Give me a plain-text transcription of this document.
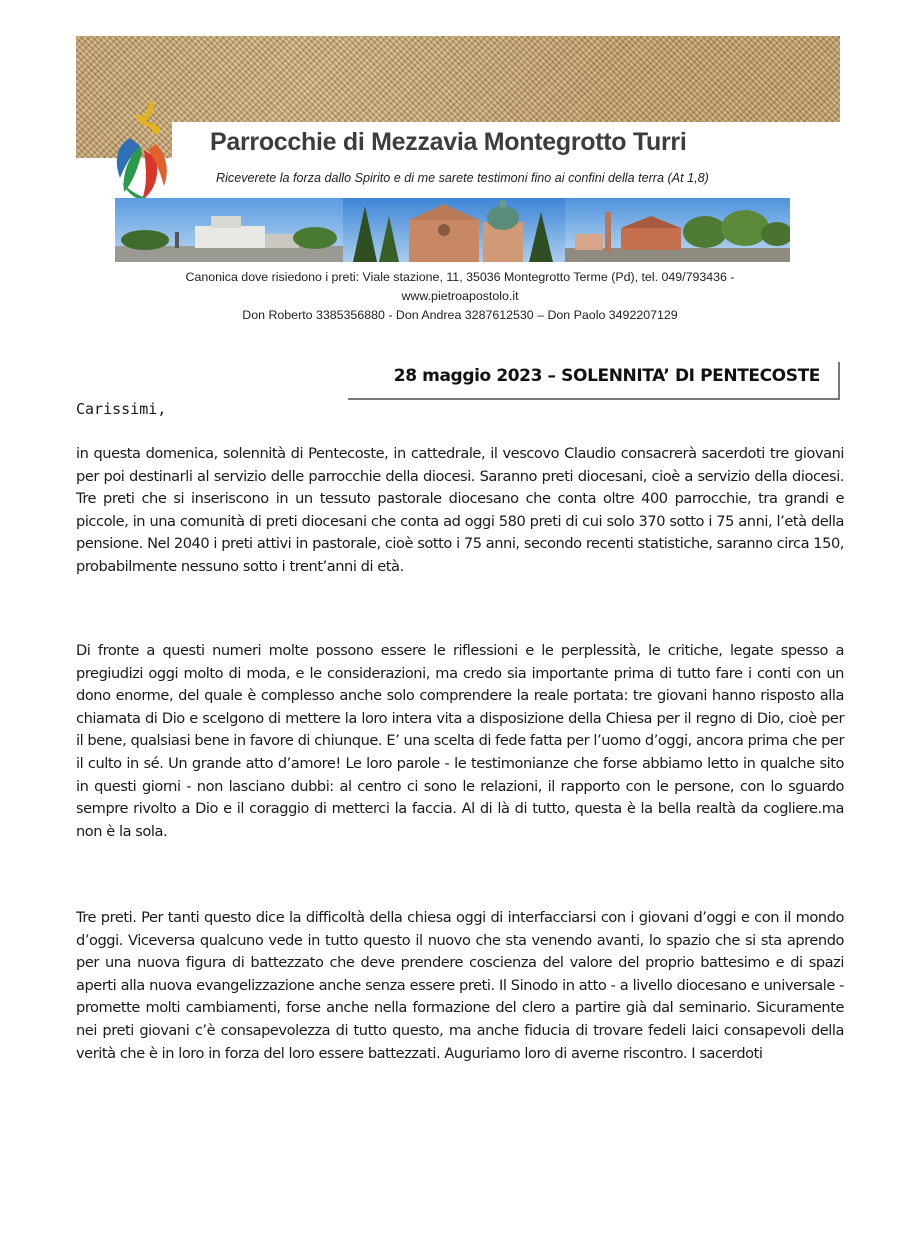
Parrocchie di Mezzavia Montegrotto Turri
Riceverete la forza dallo Spirito e di me sarete testimoni fino ai confini della terra (At 1,8)
Canonica dove risiedono i preti: Viale stazione, 11, 35036 Montegrotto Terme (Pd), tel. 049/793436 -
www.pietroapostolo.it
Don Roberto 3385356880 - Don Andrea 3287612530 – Don Paolo 3492207129
28 maggio 2023 – SOLENNITA’ DI PENTECOSTE
Carissimi,

in questa domenica, solennità di Pentecoste, in cattedrale, il vescovo Claudio consacrerà sacerdoti tre giovani per poi destinarli al servizio delle parrocchie della diocesi. Saranno preti diocesani, cioè a servizio della diocesi. Tre preti che si inseriscono in un tessuto pastorale diocesano che conta oltre 400 parrocchie, tra grandi e piccole, in una comunità di preti diocesani che conta ad oggi 580 preti di cui solo 370 sotto i 75 anni, l’età della pensione. Nel 2040 i preti attivi in pastorale, cioè sotto i 75 anni, secondo recenti statistiche, saranno circa 150, probabilmente nessuno sotto i trent’anni di età.

Di fronte a questi numeri molte possono essere le riflessioni e le perplessità, le critiche, legate spesso a pregiudizi oggi molto di moda, e le considerazioni, ma credo sia importante prima di tutto fare i conti con un dono enorme, del quale è complesso anche solo comprendere la reale portata: tre giovani hanno risposto alla chiamata di Dio e scelgono di mettere la loro intera vita a disposizione della Chiesa per il regno di Dio, cioè per il bene, qualsiasi bene in favore di chiunque. E’ una scelta di fede fatta per l’uomo d’oggi, ancora prima che per il culto in sé. Un grande atto d’amore! Le loro parole - le testimonianze che forse abbiamo letto in qualche sito in questi giorni - non lasciano dubbi: al centro ci sono le relazioni, il rapporto con le persone, con lo sguardo sempre rivolto a Dio e il coraggio di metterci la faccia. Al di là di tutto, questa è la bella realtà da cogliere.ma non è la sola.

Tre preti. Per tanti questo dice la difficoltà della chiesa oggi di interfacciarsi con i giovani d’oggi e con il mondo d’oggi. Viceversa qualcuno vede in tutto questo il nuovo che sta venendo avanti, lo spazio che si sta aprendo per una nuova figura di battezzato che deve prendere coscienza del valore del proprio battesimo e di spazi aperti alla nuova evangelizzazione anche senza essere preti. Il Sinodo in atto - a livello diocesano e universale - promette molti cambiamenti, forse anche nella formazione del clero a partire già dal seminario. Sicuramente nei preti giovani c’è consapevolezza di tutto questo, ma anche fiducia di trovare fedeli laici consapevoli della verità che è in loro in forza del loro essere battezzati. Auguriamo loro di averne riscontro. I sacerdoti
